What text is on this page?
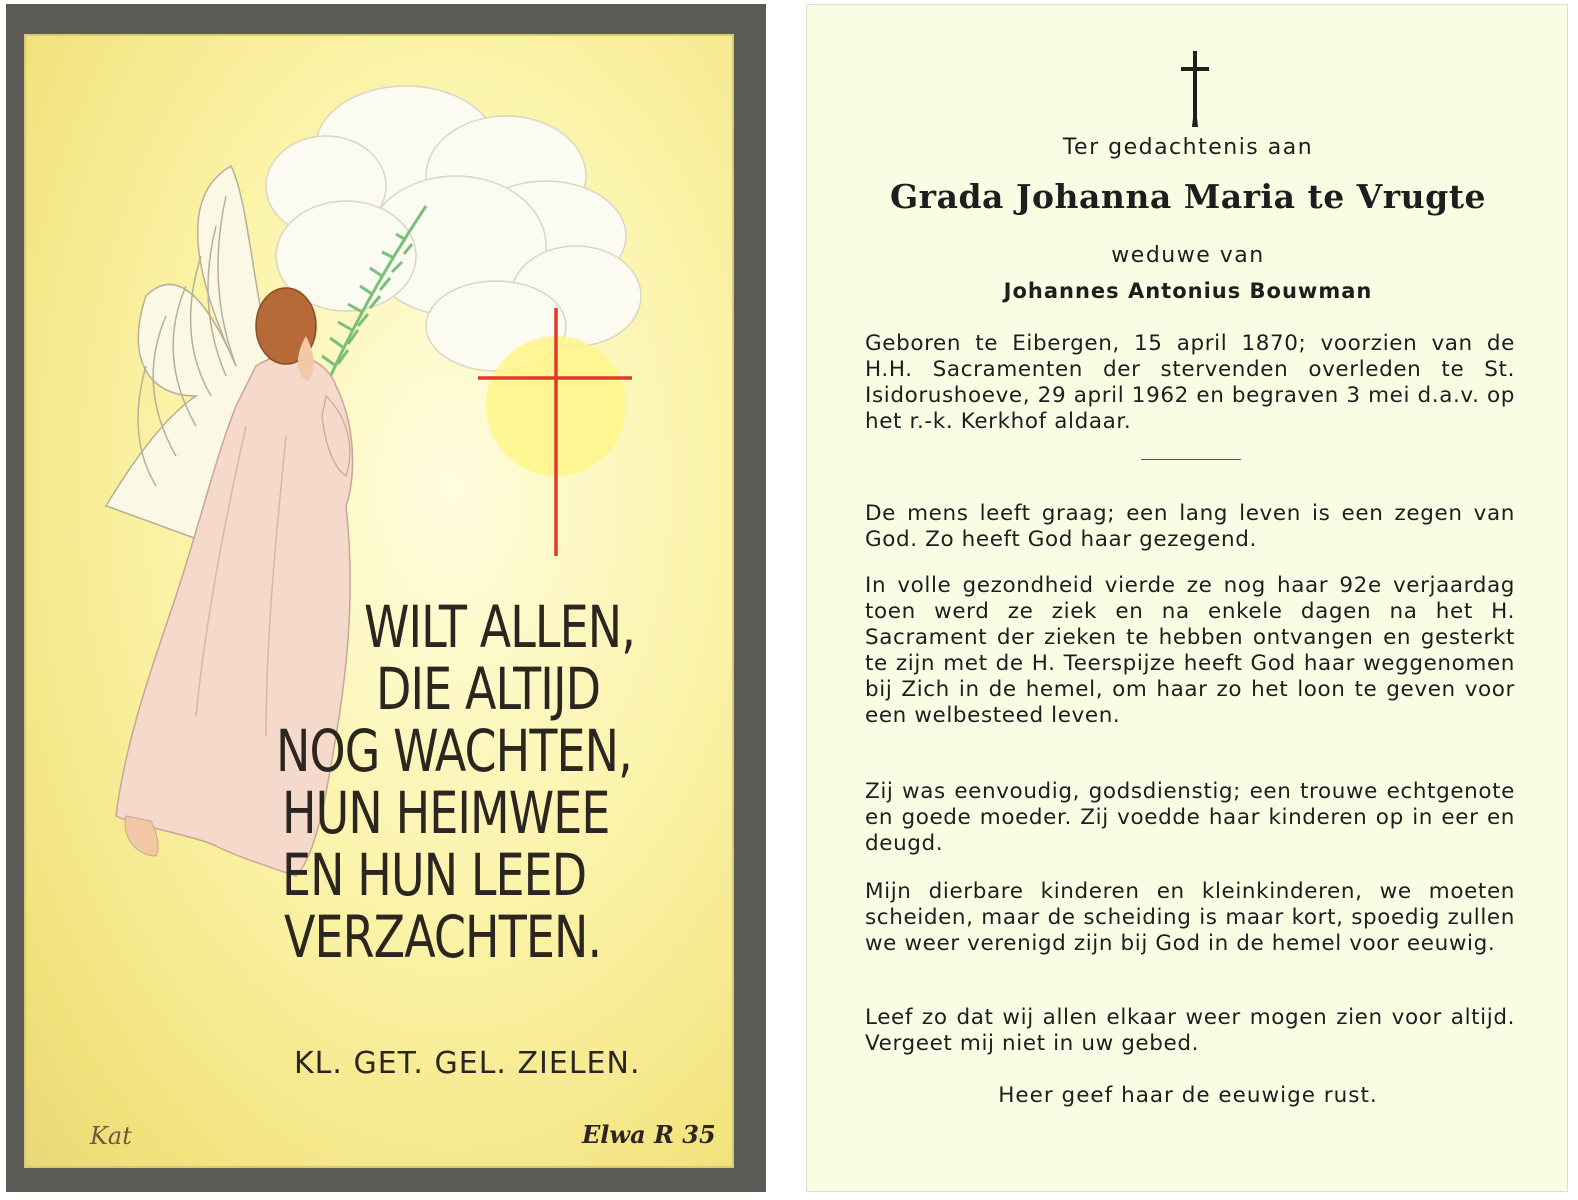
WILT ALLEN,
DIE ALTIJD
NOG WACHTEN,
HUN HEIMWEE
EN HUN LEED
VERZACHTEN.
KL. GET. GEL. ZIELEN.
Kat	Elwa R 35
Ter gedachtenis aan
Grada Johanna Maria te Vrugte
weduwe van
Johannes Antonius Bouwman
Geboren te Eibergen, 15 april 1870; voorzien van de H.H. Sacramenten der stervenden overleden te St. Isidorushoeve, 29 april 1962 en begraven 3 mei d.a.v. op het r.-k. Kerkhof aldaar.
De mens leeft graag; een lang leven is een zegen van God. Zo heeft God haar gezegend.
In volle gezondheid vierde ze nog haar 92e verjaardag toen werd ze ziek en na enkele dagen na het H. Sacrament der zieken te hebben ontvangen en gesterkt te zijn met de H. Teerspijze heeft God haar weggenomen bij Zich in de hemel, om haar zo het loon te geven voor een welbesteed leven.
Zij was eenvoudig, godsdienstig; een trouwe echtgenote en goede moeder. Zij voedde haar kinderen op in eer en deugd.
Mijn dierbare kinderen en kleinkinderen, we moeten scheiden, maar de scheiding is maar kort, spoedig zullen we weer verenigd zijn bij God in de hemel voor eeuwig.
Leef zo dat wij allen elkaar weer mogen zien voor altijd. Vergeet mij niet in uw gebed.
Heer geef haar de eeuwige rust.
